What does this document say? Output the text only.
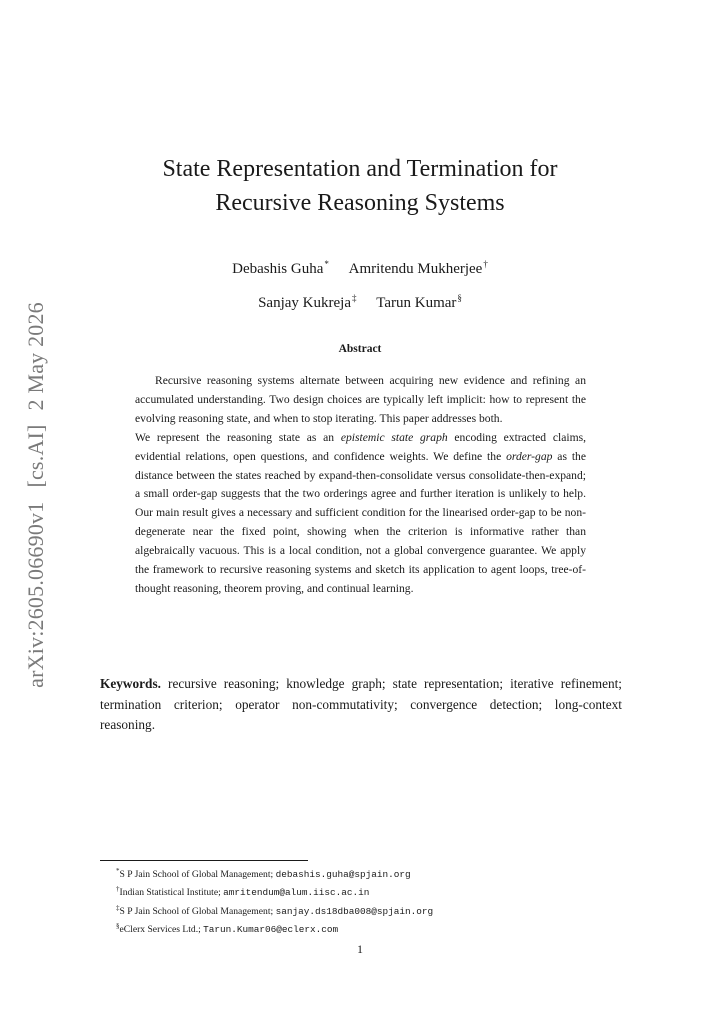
arXiv:2605.06690v1[cs.AI]2 May 2026
State Representation and Termination for
Recursive Reasoning Systems
Debashis Guha* Amritendu Mukherjee†
Sanjay Kukreja‡ Tarun Kumar§
Abstract

Recursive reasoning systems alternate between acquiring new evidence and refining an accumulated understanding. Two design choices are typically left implicit: how to represent the evolving reasoning state, and when to stop iterating. This paper addresses both.

We represent the reasoning state as an epistemic state graph encoding extracted claims, evidential relations, open questions, and confidence weights. We define the order-gap as the distance between the states reached by expand-then-consolidate versus consolidate-then-expand; a small order-gap suggests that the two orderings agree and further iteration is unlikely to help. Our main result gives a necessary and sufficient condition for the linearised order-gap to be non-degenerate near the fixed point, showing when the criterion is informative rather than algebraically vacuous. This is a local condition, not a global convergence guarantee. We apply the framework to recursive reasoning systems and sketch its application to agent loops, tree-of-thought reasoning, theorem proving, and continual learning.

Keywords. recursive reasoning; knowledge graph; state representation; iterative refinement; termination criterion; operator non-commutativity; convergence detection; long-context reasoning.
*S P Jain School of Global Management; debashis.guha@spjain.org
†Indian Statistical Institute; amritendum@alum.iisc.ac.in
‡S P Jain School of Global Management; sanjay.ds18dba008@spjain.org
§eClerx Services Ltd.; Tarun.Kumar06@eclerx.com
1
